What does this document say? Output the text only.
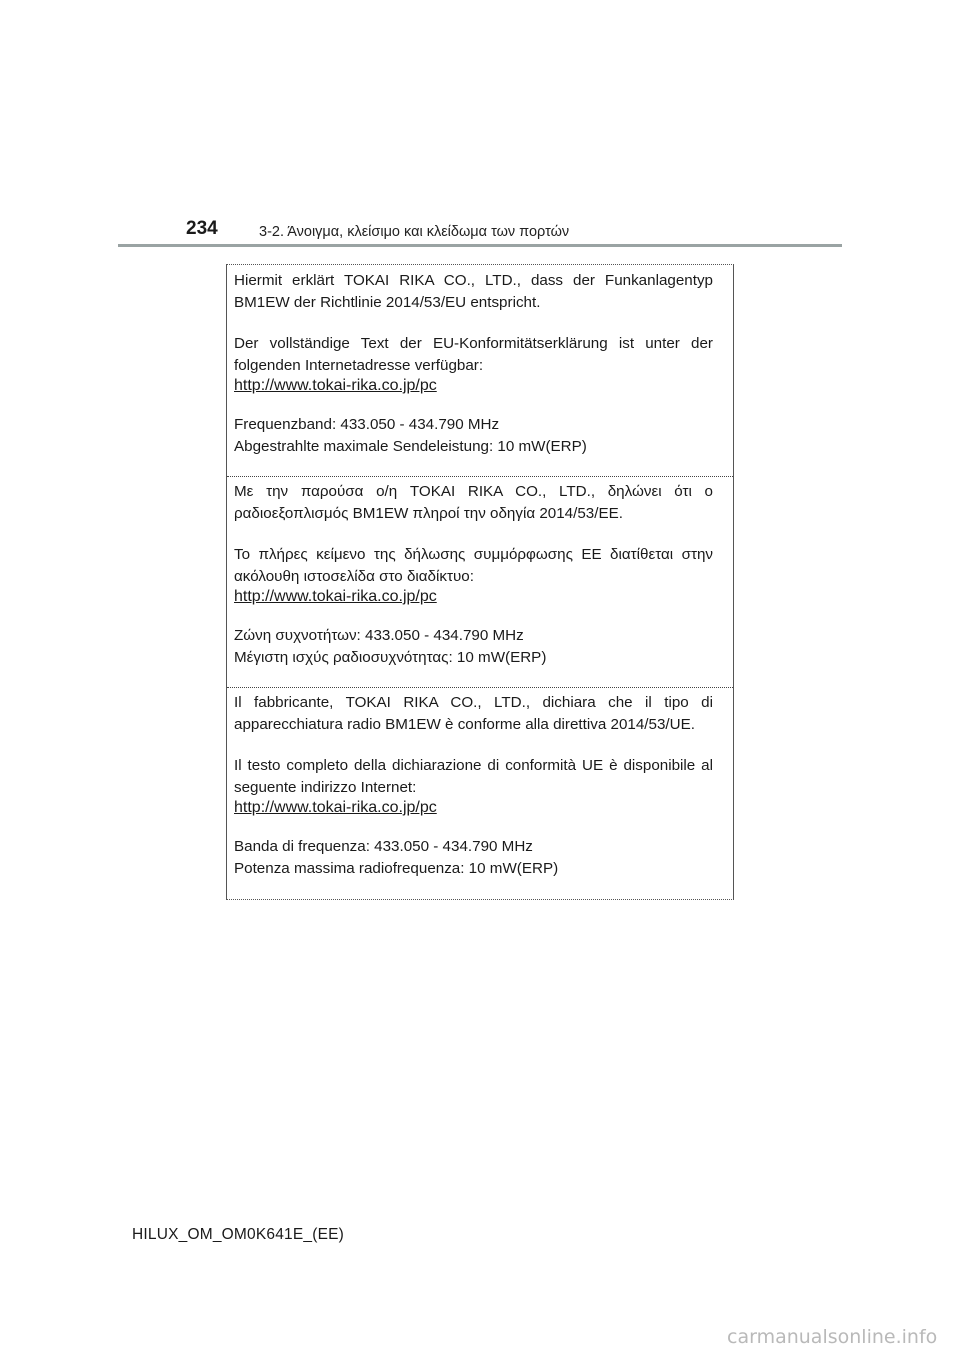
234	3-2. Άνοιγμα, κλείσιμο και κλείδωμα των πορτών

Hiermit erklärt TOKAI RIKA CO., LTD., dass der Funkanlagentyp
BM1EW der Richtlinie 2014/53/EU entspricht.

Der vollständige Text der EU-Konformitätserklärung ist unter der
folgenden Internetadresse verfügbar:

http://www.tokai-rika.co.jp/pc

Frequenzband: 433.050 - 434.790 MHz
Abgestrahlte maximale Sendeleistung: 10 mW(ERP)

Με την παρούσα ο/η TOKAI RIKA CO., LTD., δηλώνει ότι ο
ραδιοεξοπλισμός BM1EW πληροί την οδηγία 2014/53/ΕΕ.

Το πλήρες κείμενο της δήλωσης συμμόρφωσης ΕΕ διατίθεται στην
ακόλουθη ιστοσελίδα στο διαδίκτυο:

http://www.tokai-rika.co.jp/pc

Ζώνη συχνοτήτων: 433.050 - 434.790 MHz
Μέγιστη ισχύς ραδιοσυχνότητας: 10 mW(ERP)

Il fabbricante, TOKAI RIKA CO., LTD., dichiara che il tipo di
apparecchiatura radio BM1EW è conforme alla direttiva 2014/53/UE.

Il testo completo della dichiarazione di conformità UE è disponibile al
seguente indirizzo Internet:

http://www.tokai-rika.co.jp/pc

Banda di frequenza: 433.050 - 434.790 MHz
Potenza massima radiofrequenza: 10 mW(ERP)

HILUX_OM_OM0K641E_(EE)
carmanualsonline.info
